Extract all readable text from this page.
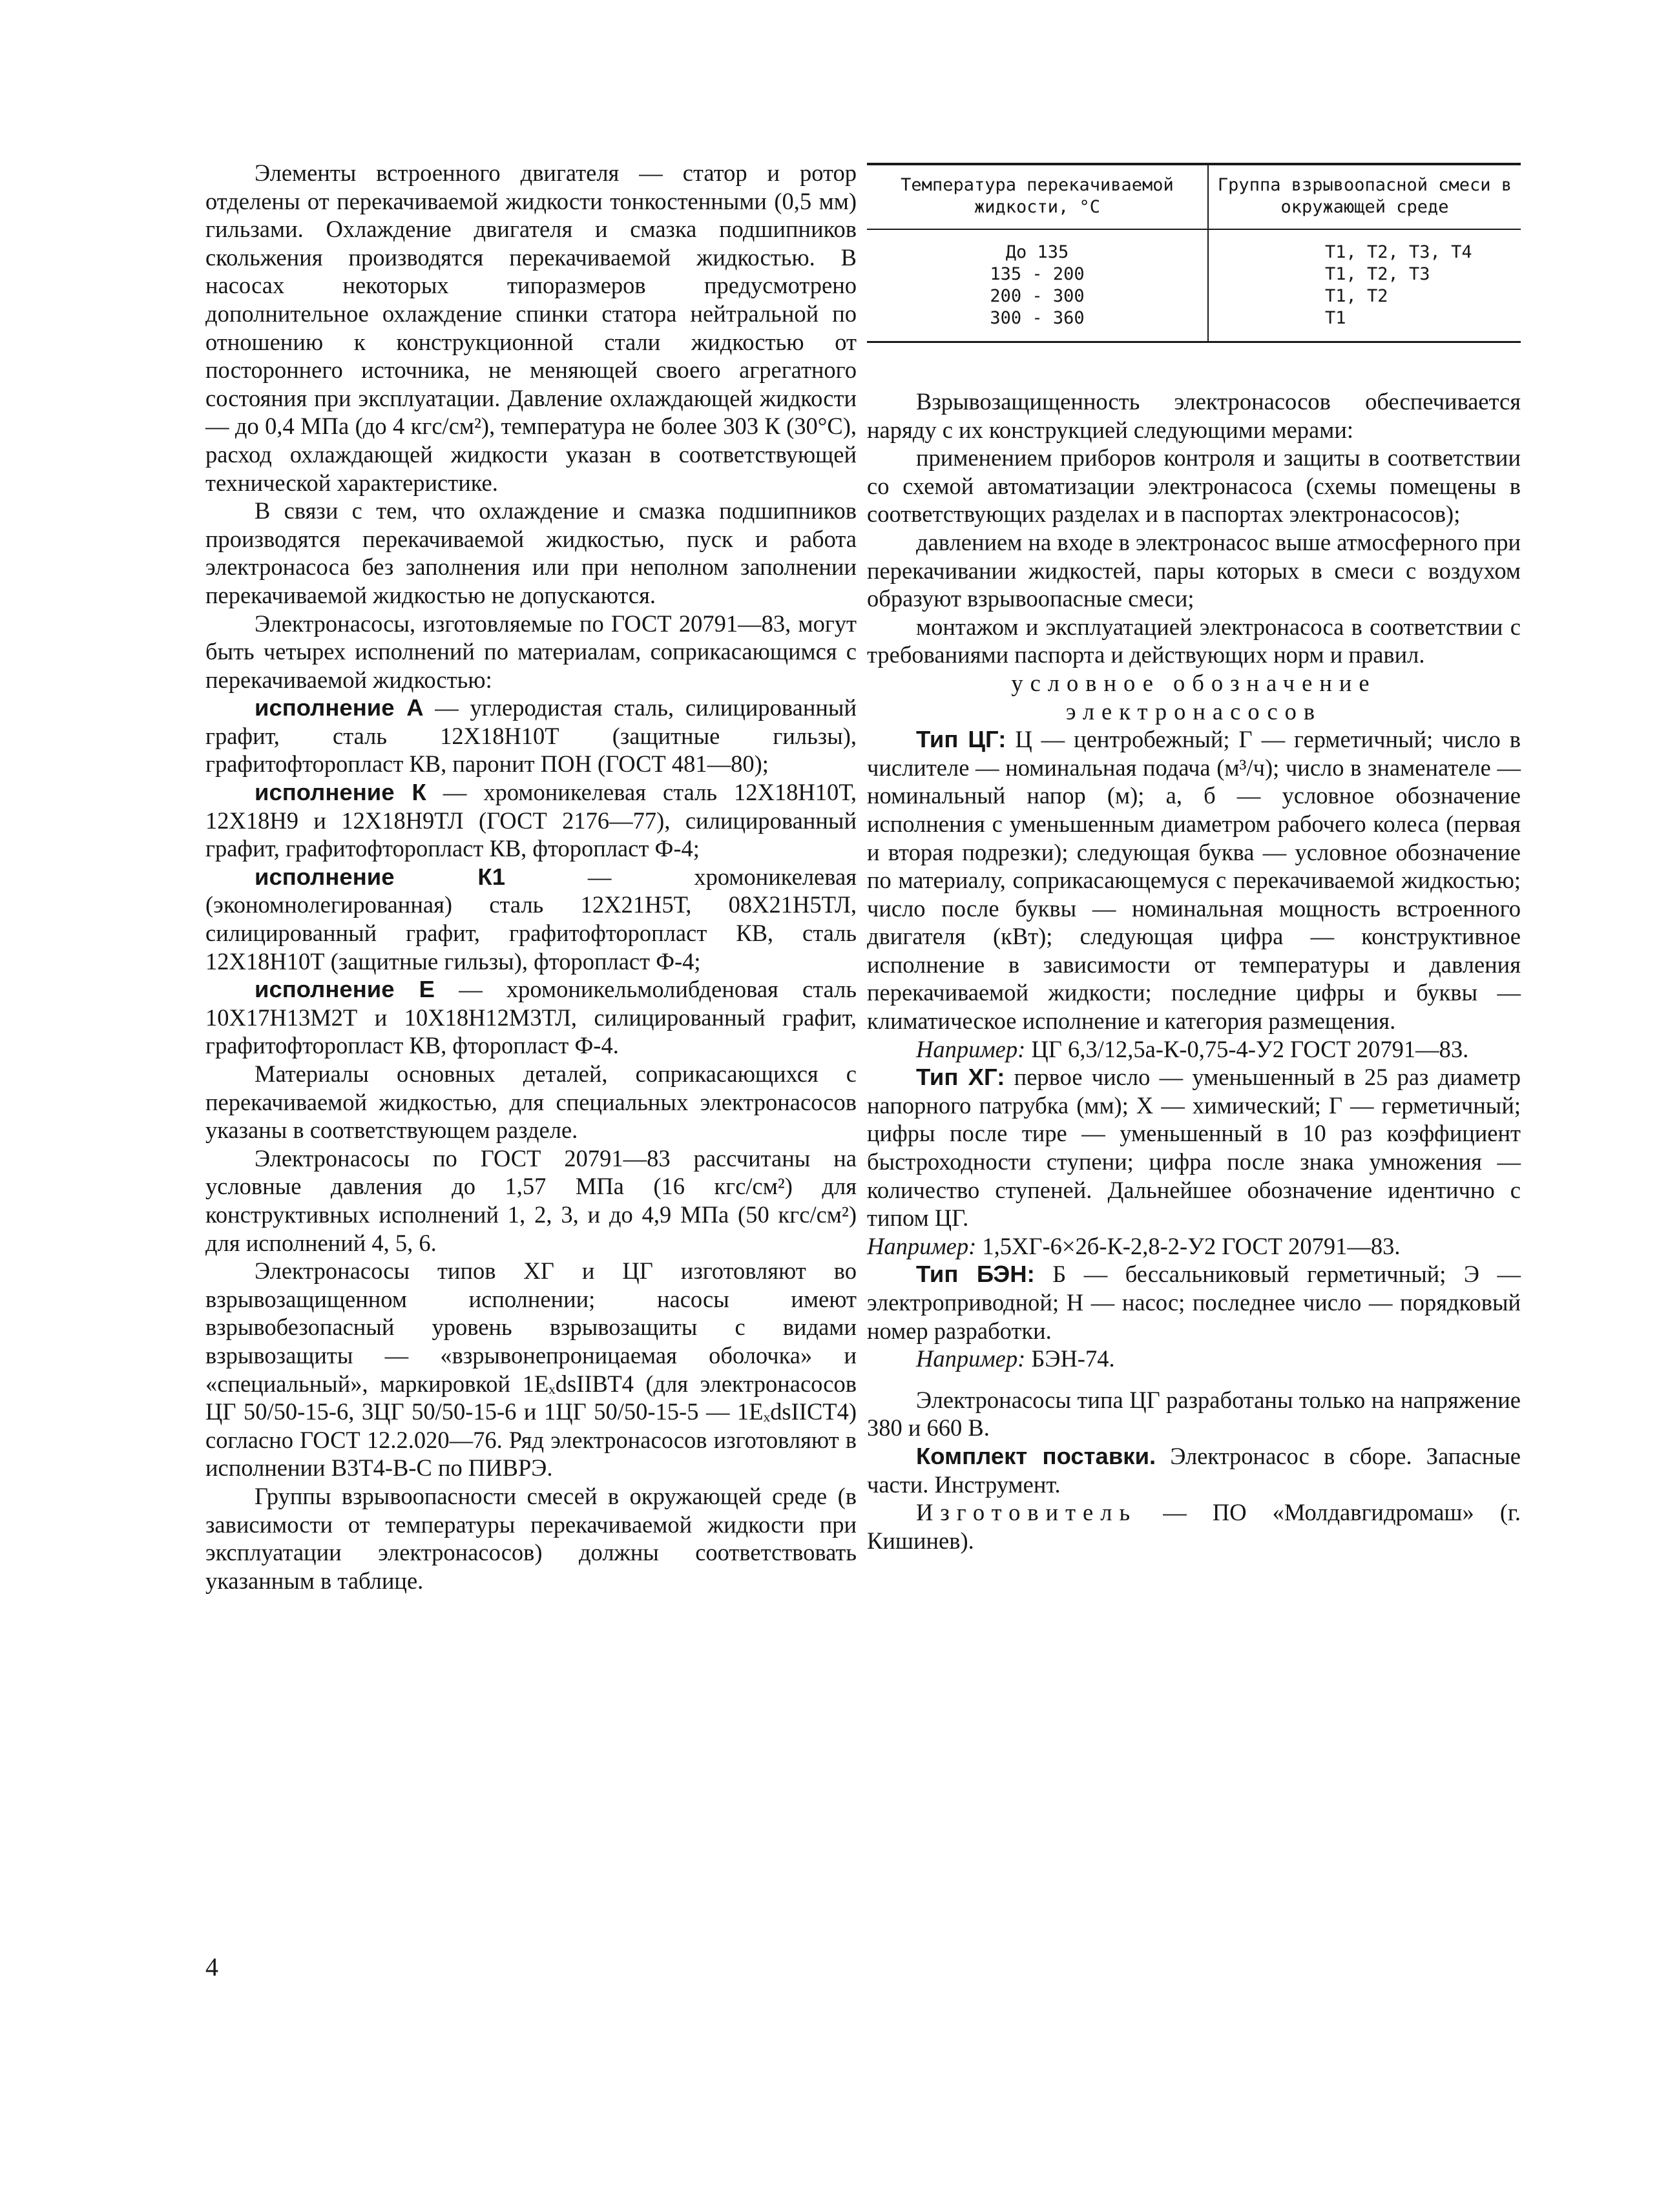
Элементы встроенного двигателя — статор и ротор отделены от перекачиваемой жидкости тонкостенными (0,5 мм) гильзами. Охлаждение двигателя и смазка подшипников скольжения производятся перекачиваемой жидкостью. В насосах некоторых типоразмеров предусмотрено дополнительное охлаждение спинки статора нейтральной по отношению к конструкционной стали жидкостью от постороннего источника, не меняющей своего агрегатного состояния при эксплуатации. Давление охлаждающей жидкости — до 0,4 МПа (до 4 кгс/см²), температура не более 303 К (30°С), расход охлаждающей жидкости указан в соответствующей технической характеристике.

В связи с тем, что охлаждение и смазка подшипников производятся перекачиваемой жидкостью, пуск и работа электронасоса без заполнения или при неполном заполнении перекачиваемой жидкостью не допускаются.

Электронасосы, изготовляемые по ГОСТ 20791—83, могут быть четырех исполнений по материалам, соприкасающимся с перекачиваемой жидкостью:

исполнение А — углеродистая сталь, силицированный графит, сталь 12Х18Н10Т (защитные гильзы), графитофторопласт КВ, паронит ПОН (ГОСТ 481—80);

исполнение К — хромоникелевая сталь 12Х18Н10Т, 12Х18Н9 и 12Х18Н9ТЛ (ГОСТ 2176—77), силицированный графит, графитофторопласт КВ, фторопласт Ф-4;

исполнение К1 — хромоникелевая (экономнолегированная) сталь 12Х21Н5Т, 08Х21Н5ТЛ, силицированный графит, графитофторопласт КВ, сталь 12Х18Н10Т (защитные гильзы), фторопласт Ф-4;

исполнение Е — хромоникельмолибденовая сталь 10Х17Н13М2Т и 10Х18Н12М3ТЛ, силицированный графит, графитофторопласт КВ, фторопласт Ф-4.

Материалы основных деталей, соприкасающихся с перекачиваемой жидкостью, для специальных электронасосов указаны в соответствующем разделе.

Электронасосы по ГОСТ 20791—83 рассчитаны на условные давления до 1,57 МПа (16 кгс/см²) для конструктивных исполнений 1, 2, 3, и до 4,9 МПа (50 кгс/см²) для исполнений 4, 5, 6.

Электронасосы типов ХГ и ЦГ изготовляют во взрывозащищенном исполнении; насосы имеют взрывобезопасный уровень взрывозащиты с видами взрывозащиты — «взрывонепроницаемая оболочка» и «специальный», маркировкой 1ЕₓdsIIВТ4 (для электронасосов ЦГ 50/50-15-6, 3ЦГ 50/50-15-6 и 1ЦГ 50/50-15-5 — 1ЕₓdsIIСТ4) согласно ГОСТ 12.2.020—76. Ряд электронасосов изготовляют в исполнении В3Т4-В-С по ПИВРЭ.

Группы взрывоопасности смесей в окружающей среде (в зависимости от температуры перекачиваемой жидкости при эксплуатации электронасосов) должны соответствовать указанным в таблице.

Температура перекачиваемой жидкости, °С	Группа взрывоопасной смеси в окружающей среде
До 135	Т1, Т2, Т3, Т4
135 - 200	Т1, Т2, Т3
200 - 300	Т1, Т2
300 - 360	Т1

Взрывозащищенность электронасосов обеспечивается наряду с их конструкцией следующими мерами:

применением приборов контроля и защиты в соответствии со схемой автоматизации электронасоса (схемы помещены в соответствующих разделах и в паспортах электронасосов);

давлением на входе в электронасос выше атмосферного при перекачивании жидкостей, пары которых в смеси с воздухом образуют взрывоопасные смеси;

монтажом и эксплуатацией электронасоса в соответствии с требованиями паспорта и действующих норм и правил.

условное обозначение

электронасосов

Тип ЦГ: Ц — центробежный; Г — герметичный; число в числителе — номинальная подача (м³/ч); число в знаменателе — номинальный напор (м); а, б — условное обозначение исполнения с уменьшенным диаметром рабочего колеса (первая и вторая подрезки); следующая буква — условное обозначение по материалу, соприкасающемуся с перекачиваемой жидкостью; число после буквы — номинальная мощность встроенного двигателя (кВт); следующая цифра — конструктивное исполнение в зависимости от температуры и давления перекачиваемой жидкости; последние цифры и буквы — климатическое исполнение и категория размещения.

Например: ЦГ 6,3/12,5а-К-0,75-4-У2 ГОСТ 20791—83.

Тип ХГ: первое число — уменьшенный в 25 раз диаметр напорного патрубка (мм); Х — химический; Г — герметичный; цифры после тире — уменьшенный в 10 раз коэффициент быстроходности ступени; цифра после знака умножения — количество ступеней. Дальнейшее обозначение идентично с типом ЦГ.

Например: 1,5ХГ-6×2б-К-2,8-2-У2 ГОСТ 20791—83.

Тип БЭН: Б — бессальниковый герметичный; Э — электроприводной; Н — насос; последнее число — порядковый номер разработки.

Например: БЭН-74.

Электронасосы типа ЦГ разработаны только на напряжение 380 и 660 В.

Комплект поставки. Электронасос в сборе. Запасные части. Инструмент.

Изготовитель — ПО «Молдавгидромаш» (г. Кишинев).

4
